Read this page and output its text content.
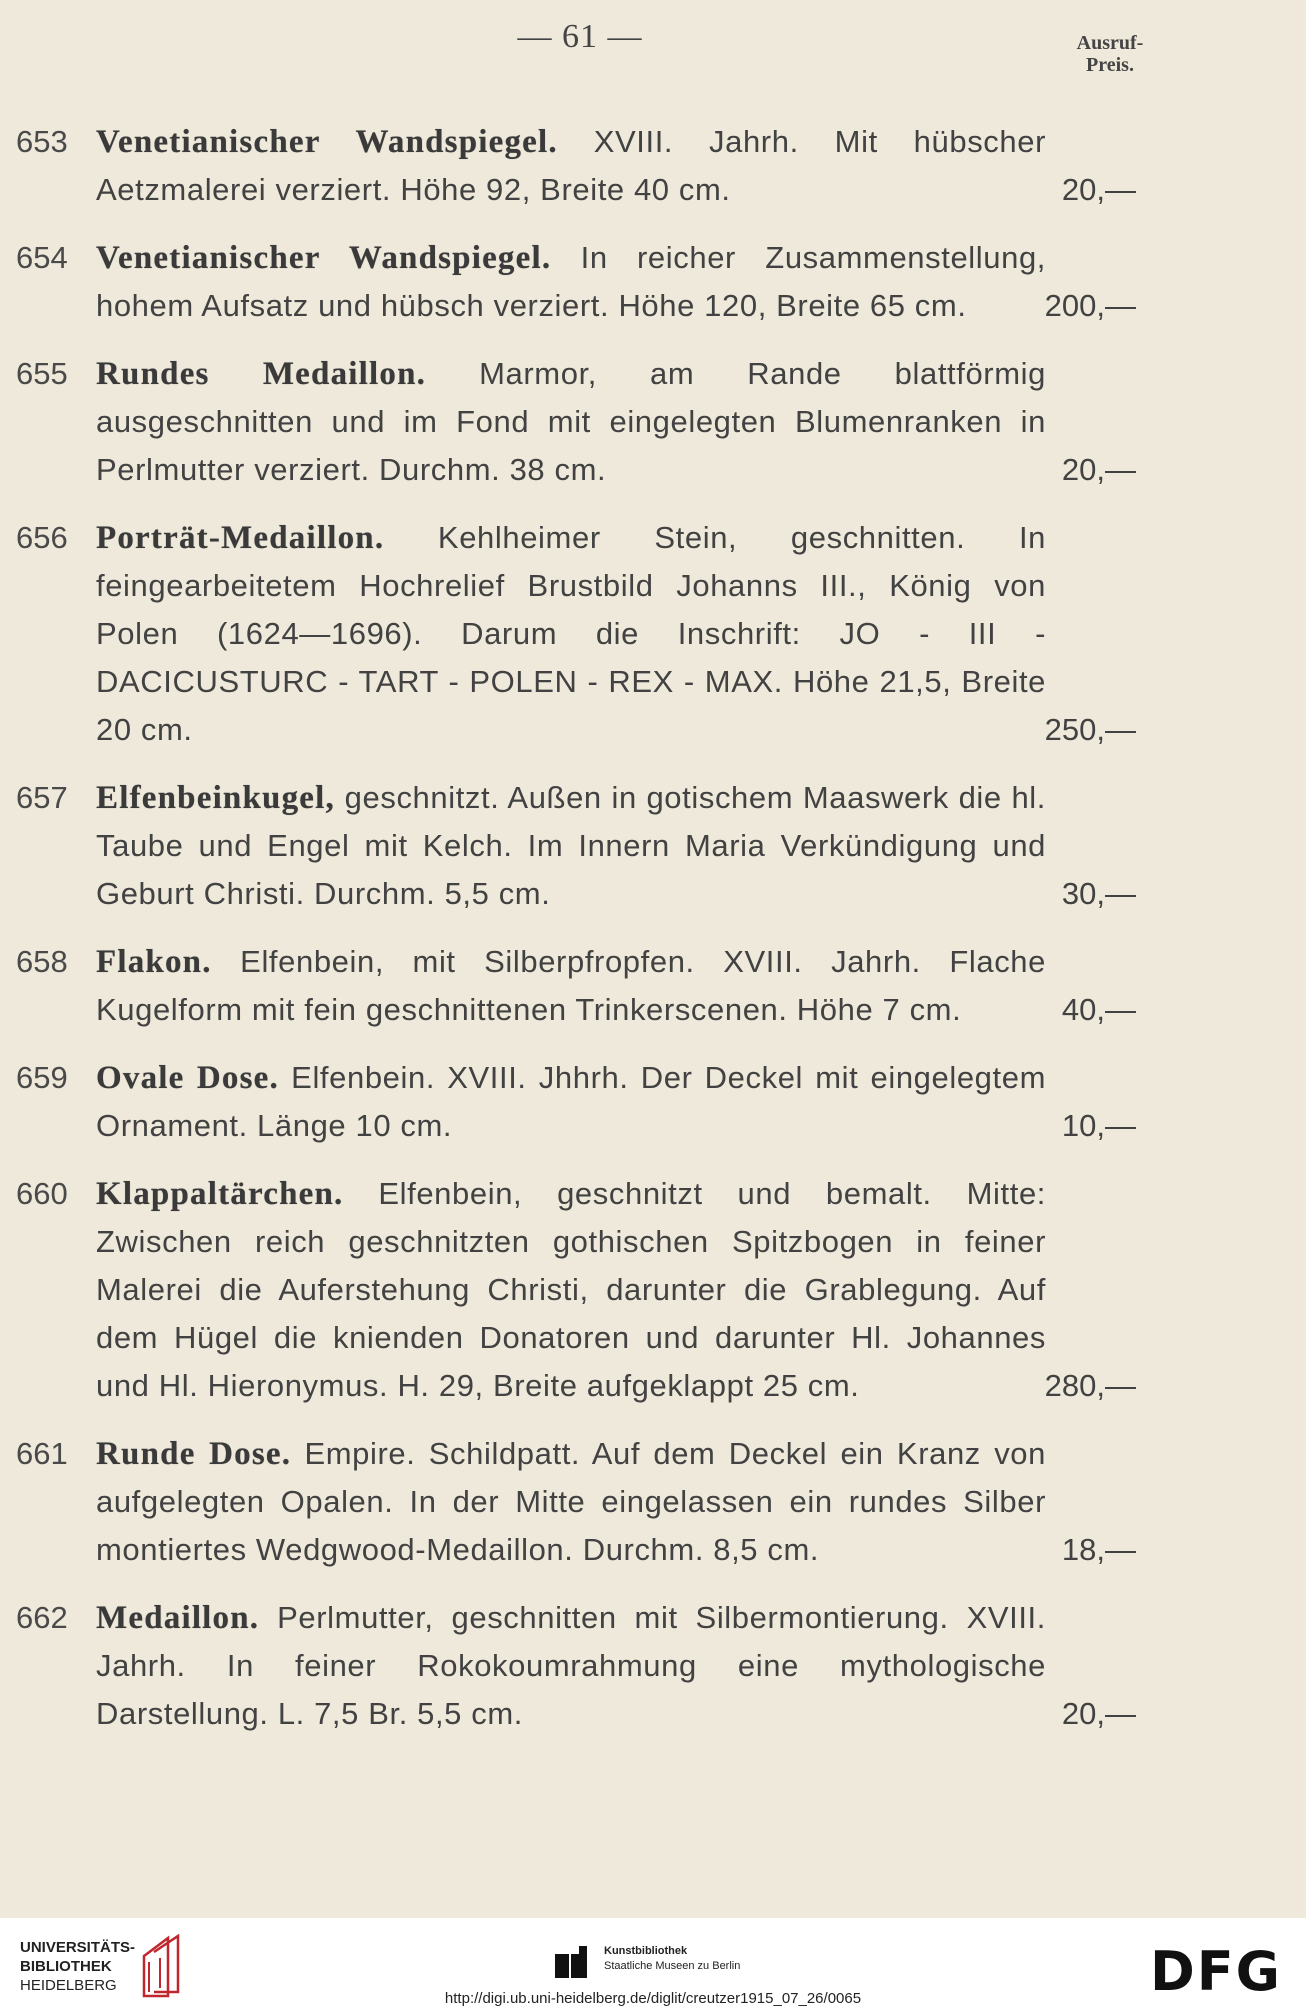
— 61 —	Ausruf-
Preis.
653 Venetianischer Wandspiegel. XVIII. Jahrh. Mit hübscher Aetzmalerei verziert. Höhe 92, Breite 40 cm.	20,—
654 Venetianischer Wandspiegel. In reicher Zusammenstellung, hohem Aufsatz und hübsch verziert. Höhe 120, Breite 65 cm.	200,—
655 Rundes Medaillon. Marmor, am Rande blattförmig ausgeschnitten und im Fond mit eingelegten Blumenranken in Perlmutter verziert. Durchm. 38 cm.	20,—
656 Porträt-Medaillon. Kehlheimer Stein, geschnitten. In feingearbeitetem Hochrelief Brustbild Johanns III., König von Polen (1624—1696). Darum die Inschrift: JO - III - DACICUSTURC - TART - POLEN - REX - MAX. Höhe 21,5, Breite 20 cm.	250,—
657 Elfenbeinkugel, geschnitzt. Außen in gotischem Maaswerk die hl. Taube und Engel mit Kelch. Im Innern Maria Verkündigung und Geburt Christi. Durchm. 5,5 cm.	30,—
658 Flakon. Elfenbein, mit Silberpfropfen. XVIII. Jahrh. Flache Kugelform mit fein geschnittenen Trinkerscenen. Höhe 7 cm.	40,—
659 Ovale Dose. Elfenbein. XVIII. Jhhrh. Der Deckel mit eingelegtem Ornament. Länge 10 cm.	10,—
660 Klappaltärchen. Elfenbein, geschnitzt und bemalt. Mitte: Zwischen reich geschnitzten gothischen Spitzbogen in feiner Malerei die Auferstehung Christi, darunter die Grablegung. Auf dem Hügel die knienden Donatoren und darunter Hl. Johannes und Hl. Hieronymus. H. 29, Breite aufgeklappt 25 cm.	280,—
661 Runde Dose. Empire. Schildpatt. Auf dem Deckel ein Kranz von aufgelegten Opalen. In der Mitte eingelassen ein rundes Silber montiertes Wedgwood-Medaillon. Durchm. 8,5 cm.	18,—
662 Medaillon. Perlmutter, geschnitten mit Silbermontierung. XVIII. Jahrh. In feiner Rokokoumrahmung eine mythologische Darstellung. L. 7,5 Br. 5,5 cm.	20,—
UNIVERSITÄTS-
BIBLIOTHEK
HEIDELBERG
Kunstbibliothek
Staatliche Museen zu Berlin	DFG
http://digi.ub.uni-heidelberg.de/diglit/creutzer1915_07_26/0065
